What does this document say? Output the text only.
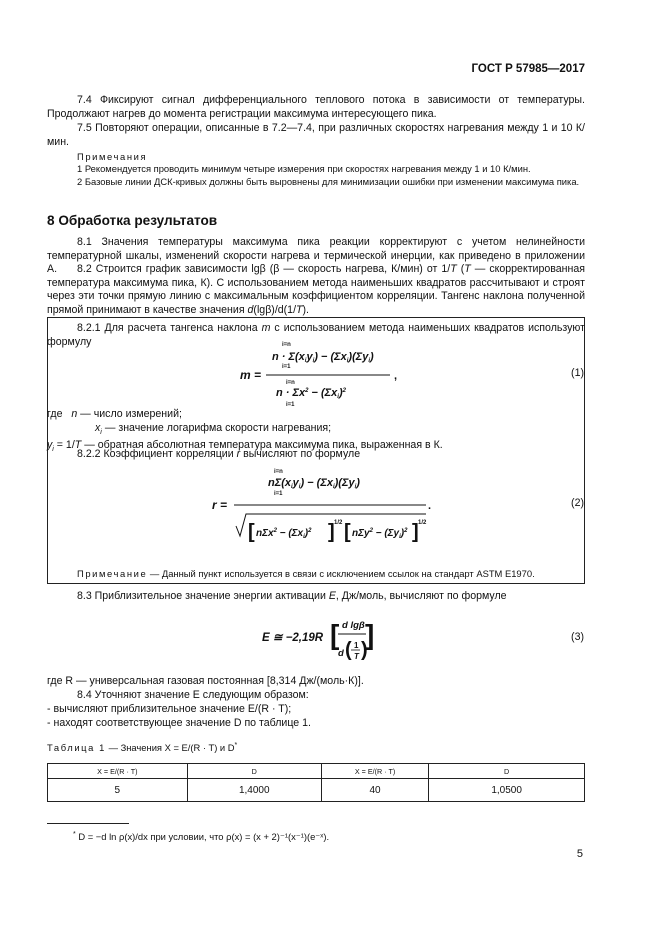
ГОСТ Р 57985—2017
7.4 Фиксируют сигнал дифференциального теплового потока в зависимости от температуры. Продолжают нагрев до момента регистрации максимума интересующего пика.
7.5 Повторяют операции, описанные в 7.2—7.4, при различных скоростях нагревания между 1 и 10 К/мин.
Примечания
1 Рекомендуется проводить минимум четыре измерения при скоростях нагревания между 1 и 10 К/мин.
2 Базовые линии ДСК-кривых должны быть выровнены для минимизации ошибки при изменении максимума пика.
8 Обработка результатов
8.1 Значения температуры максимума пика реакции корректируют с учетом нелинейности температурной шкалы, изменений скорости нагрева и термической инерции, как приведено в приложении А.	8.2 Строится график зависимости lgβ (β — скорость нагрева, К/мин) от 1/T (T — скорректированная температура максимума пика, К). С использованием метода наименьших квадратов рассчитывают и строят через эти точки прямую линию с максимальным коэффициентом корреляции. Тангенс наклона полученной прямой принимают в качестве значения d(lgβ)/d(1/T).
8.2.1 Для расчета тангенса наклона m с использованием метода наименьших квадратов используют формулу
n · Σ(xiyi) − (Σxi)(Σyi)
i=n
i=1
m =	,
$n \cdot \Sigma x^2 - (\Sigma xi)^2$
i=n
i=1
(1)
где n — число измерений;
$x_i$ — значение логарифма скорости нагревания;
$y_i = 1/T$ — обратная абсолютная температура максимума пика, выраженная в К.
8.2.2 Коэффициент корреляции r вычисляют по формуле
nΣ(xiyi) − (Σxi)(Σyi)
i=n
i=1
r =	.
[ $n\Sigma x^2 - (\Sigma x_i)^2$ ] 1/2 [ $n\Sigma y^2 - (\Sigma y_i)^2$ ] 1/2
(2)
Примечание — Данный пункт используется в связи с исключением ссылок на стандарт ASTM E1970.
8.3 Приблизительное значение энергии активации E, Дж/моль, вычисляют по формуле
E ≅ −2,19R [ d lgβ
d ( 1
T )
]	(3)
где R — универсальная газовая постоянная [8,314 Дж/(моль·К)].
8.4 Уточняют значение E следующим образом:
- вычисляют приблизительное значение E/(R · T);
- находят соответствующее значение D по таблице 1.
Таблица 1 — Значения X = E/(R · T) и D*
X = E/(R · T)	D	X = E/(R · T)	D
5	1,4000	40	1,0500
* D = −d ln ρ(x)/dx при условии, что ρ(x) = (x + 2)⁻¹(x⁻¹)(e⁻ˣ).
5
